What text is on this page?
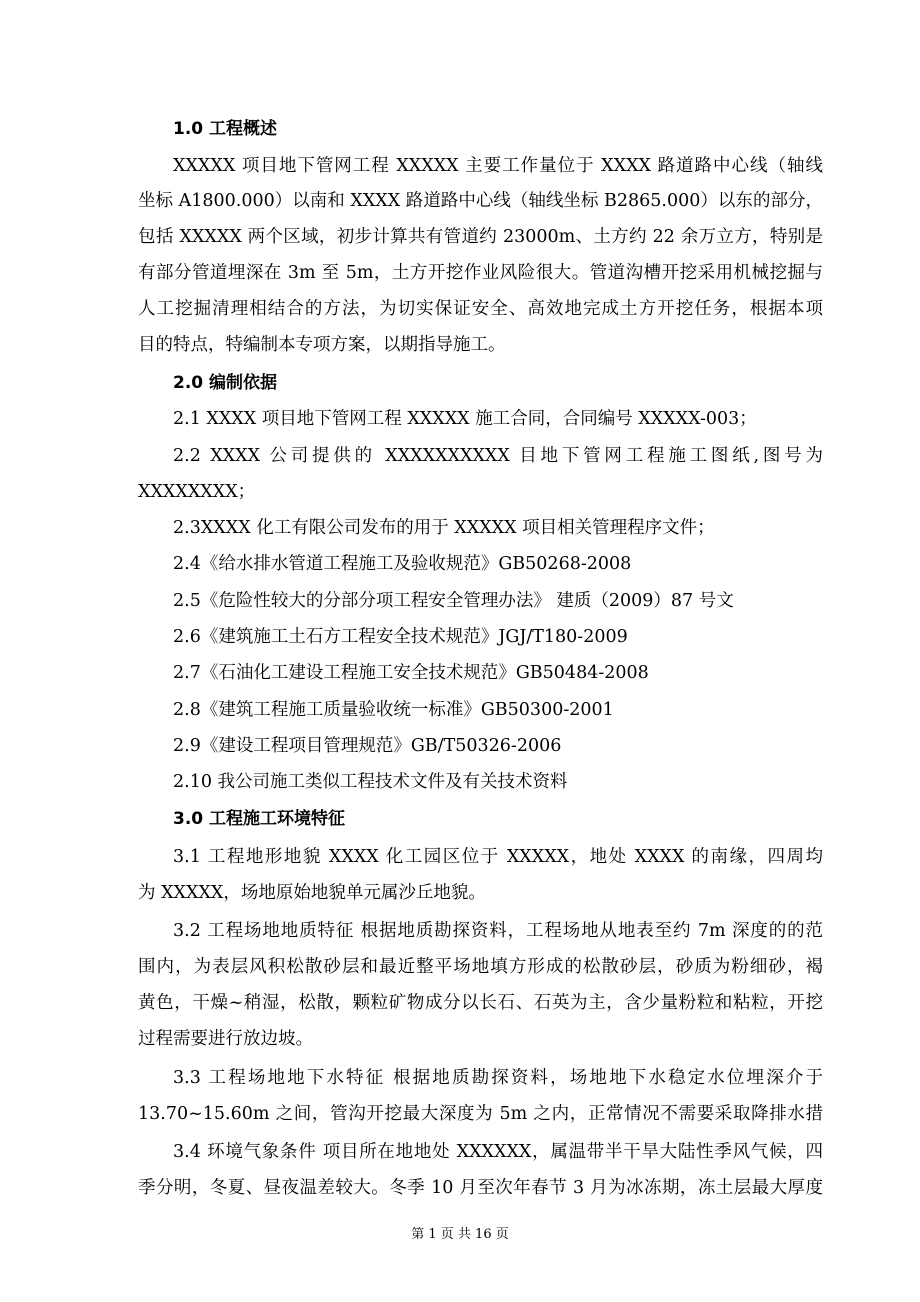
1.0 工程概述
XXXXX 项目地下管网工程 XXXXX 主要工作量位于 XXXX 路道路中心线（轴线
坐标 A1800.000）以南和 XXXX 路道路中心线（轴线坐标 B2865.000）以东的部分，
包括 XXXXX 两个区域，初步计算共有管道约 23000m、土方约 22 余万立方，特别是
有部分管道埋深在 3m 至 5m，土方开挖作业风险很大。管道沟槽开挖采用机械挖掘与
人工挖掘清理相结合的方法，为切实保证安全、高效地完成土方开挖任务，根据本项
目的特点，特编制本专项方案，以期指导施工。
2.0 编制依据
2.1 XXXX 项目地下管网工程 XXXXX 施工合同，合同编号 XXXXX-003；
2.2 XXXX 公司提供的 XXXXXXXXXX 目地下管网工程施工图纸,图号为
XXXXXXXX；
2.3XXXX 化工有限公司发布的用于 XXXXX 项目相关管理程序文件；
2.4《给水排水管道工程施工及验收规范》GB50268-2008
2.5《危险性较大的分部分项工程安全管理办法》 建质（2009）87 号文
2.6《建筑施工土石方工程安全技术规范》JGJ/T180-2009
2.7《石油化工建设工程施工安全技术规范》GB50484-2008
2.8《建筑工程施工质量验收统一标准》GB50300-2001
2.9《建设工程项目管理规范》GB/T50326-2006
2.10 我公司施工类似工程技术文件及有关技术资料
3.0 工程施工环境特征
3.1 工程地形地貌 XXXX 化工园区位于 XXXXX，地处 XXXX 的南缘，四周均
为 XXXXX，场地原始地貌单元属沙丘地貌。
3.2 工程场地地质特征 根据地质勘探资料，工程场地从地表至约 7m 深度的的范
围内，为表层风积松散砂层和最近整平场地填方形成的松散砂层，砂质为粉细砂，褐
黄色，干燥~稍湿，松散，颗粒矿物成分以长石、石英为主，含少量粉粒和粘粒，开挖
过程需要进行放边坡。
3.3 工程场地地下水特征 根据地质勘探资料，场地地下水稳定水位埋深介于
13.70~15.60m 之间，管沟开挖最大深度为 5m 之内，正常情况不需要采取降排水措
3.4 环境气象条件 项目所在地地处 XXXXXX，属温带半干旱大陆性季风气候，四
季分明，冬夏、昼夜温差较大。冬季 10 月至次年春节 3 月为冰冻期，冻土层最大厚度
第 1 页 共 16 页
